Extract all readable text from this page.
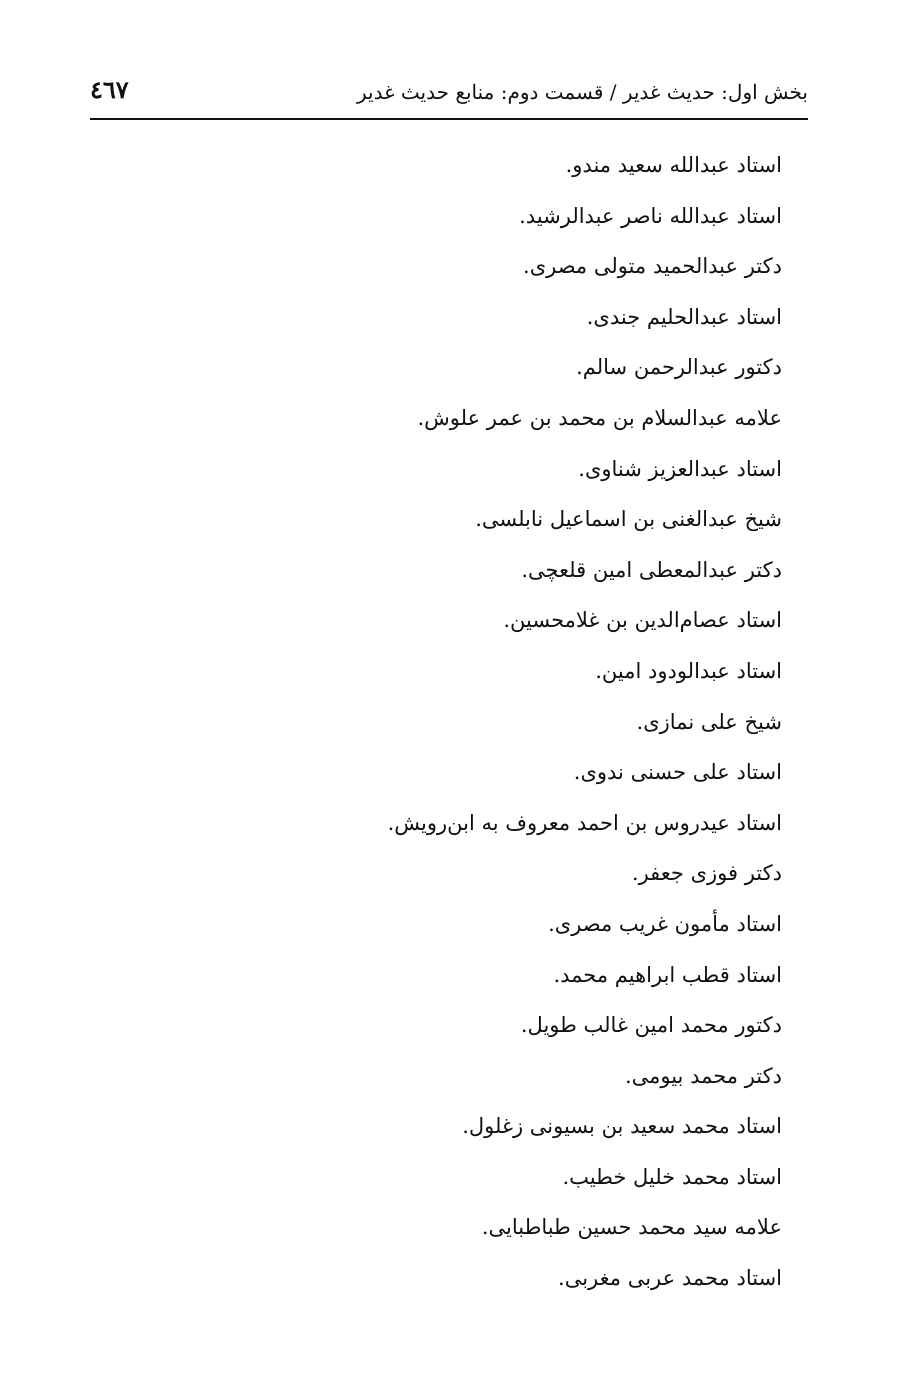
بخش اول: حدیث غدیر / قسمت دوم: منابع حدیث غدیر
٤٦٧
استاد عبدالله سعید مندو.
استاد عبدالله ناصر عبدالرشید.
دکتر عبدالحمید متولی مصری.
استاد عبدالحلیم جندی.
دکتور عبدالرحمن سالم.
علامه عبدالسلام بن محمد بن عمر علوش.
استاد عبدالعزیز شناوی.
شیخ عبدالغنی بن اسماعیل نابلسی.
دکتر عبدالمعطی امین قلعچی.
استاد عصام‌الدین بن غلامحسین.
استاد عبدالودود امین.
شیخ علی نمازی.
استاد علی حسنی ندوی.
استاد عیدروس بن احمد معروف به ابن‌رویش.
دکتر فوزی جعفر.
استاد مأمون غریب مصری.
استاد قطب ابراهیم محمد.
دکتور محمد امین غالب طویل.
دکتر محمد بیومی.
استاد محمد سعید بن بسیونی زغلول.
استاد محمد خلیل خطیب.
علامه سید محمد حسین طباطبایی.
استاد محمد عربی مغربی.
